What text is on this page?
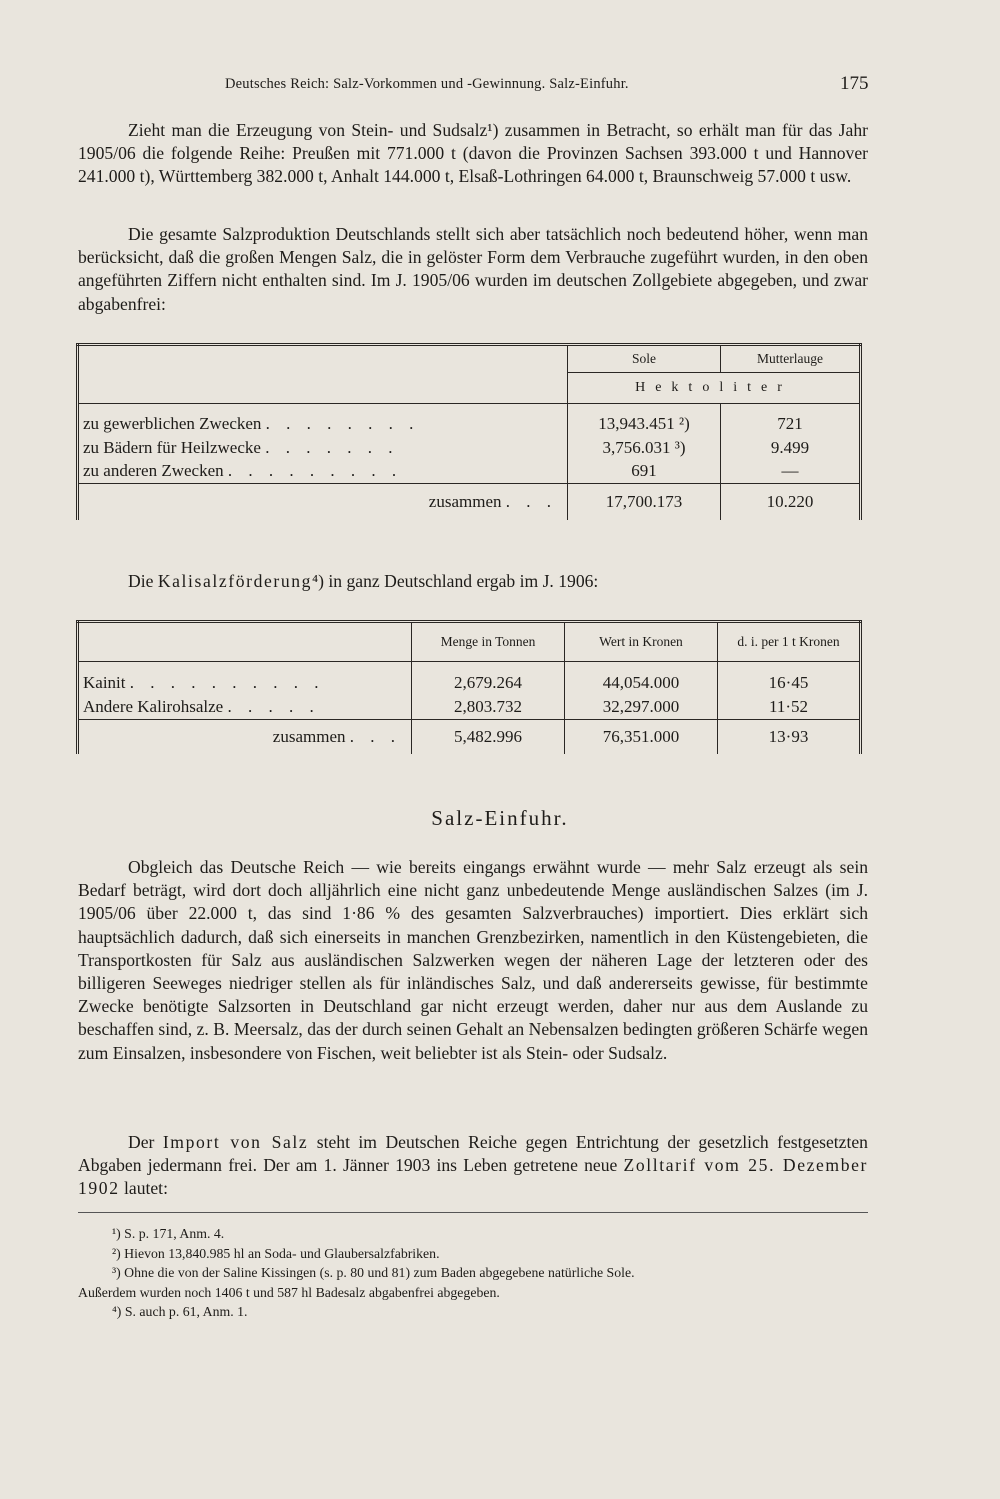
Deutsches Reich: Salz-Vorkommen und -Gewinnung. Salz-Einfuhr.	175

Zieht man die Erzeugung von Stein- und Sudsalz¹) zusammen in Betracht, so erhält man für das Jahr 1905/06 die folgende Reihe: Preußen mit 771.000 t (davon die Provinzen Sachsen 393.000 t und Hannover 241.000 t), Württemberg 382.000 t, Anhalt 144.000 t, Elsaß-Lothringen 64.000 t, Braunschweig 57.000 t usw.

Die gesamte Salzproduktion Deutschlands stellt sich aber tatsächlich noch bedeutend höher, wenn man berücksicht, daß die großen Mengen Salz, die in gelöster Form dem Verbrauche zugeführt wurden, in den oben angeführten Ziffern nicht enthalten sind. Im J. 1905/06 wurden im deutschen Zollgebiete abgegeben, und zwar abgabenfrei:

	Sole	Mutterlauge
	Hektoliter	
zu gewerblichen Zwecken . . . . . . . .	13,943.451 ²)	721
zu Bädern für Heilzwecke . . . . . . .	3,756.031 ³)	9.499
zu anderen Zwecken . . . . . . . . .	691	—
zusammen . . .	17,700.173	10.220

Die Kalisalzförderung⁴) in ganz Deutschland ergab im J. 1906:

	Menge in Tonnen	Wert in Kronen	d. i. per 1 t Kronen
Kainit . . . . . . . . . .	2,679.264	44,054.000	16·45
Andere Kalirohsalze . . . . .	2,803.732	32,297.000	11·52
zusammen . . .	5,482.996	76,351.000	13·93
Salz-Einfuhr.

Obgleich das Deutsche Reich — wie bereits eingangs erwähnt wurde — mehr Salz erzeugt als sein Bedarf beträgt, wird dort doch alljährlich eine nicht ganz unbedeutende Menge ausländischen Salzes (im J. 1905/06 über 22.000 t, das sind 1·86 % des gesamten Salzverbrauches) importiert. Dies erklärt sich hauptsächlich dadurch, daß sich einerseits in manchen Grenzbezirken, namentlich in den Küstengebieten, die Transportkosten für Salz aus ausländischen Salzwerken wegen der näheren Lage der letzteren oder des billigeren Seeweges niedriger stellen als für inländisches Salz, und daß andererseits gewisse, für bestimmte Zwecke benötigte Salzsorten in Deutschland gar nicht erzeugt werden, daher nur aus dem Auslande zu beschaffen sind, z. B. Meersalz, das der durch seinen Gehalt an Nebensalzen bedingten größeren Schärfe wegen zum Einsalzen, insbesondere von Fischen, weit beliebter ist als Stein- oder Sudsalz.

Der Import von Salz steht im Deutschen Reiche gegen Entrichtung der gesetzlich festgesetzten Abgaben jedermann frei. Der am 1. Jänner 1903 ins Leben getretene neue Zolltarif vom 25. Dezember 1902 lautet:

¹) S. p. 171, Anm. 4.
²) Hievon 13,840.985 hl an Soda- und Glaubersalzfabriken.
³) Ohne die von der Saline Kissingen (s. p. 80 und 81) zum Baden abgegebene natürliche Sole.
Außerdem wurden noch 1406 t und 587 hl Badesalz abgabenfrei abgegeben.
⁴) S. auch p. 61, Anm. 1.
